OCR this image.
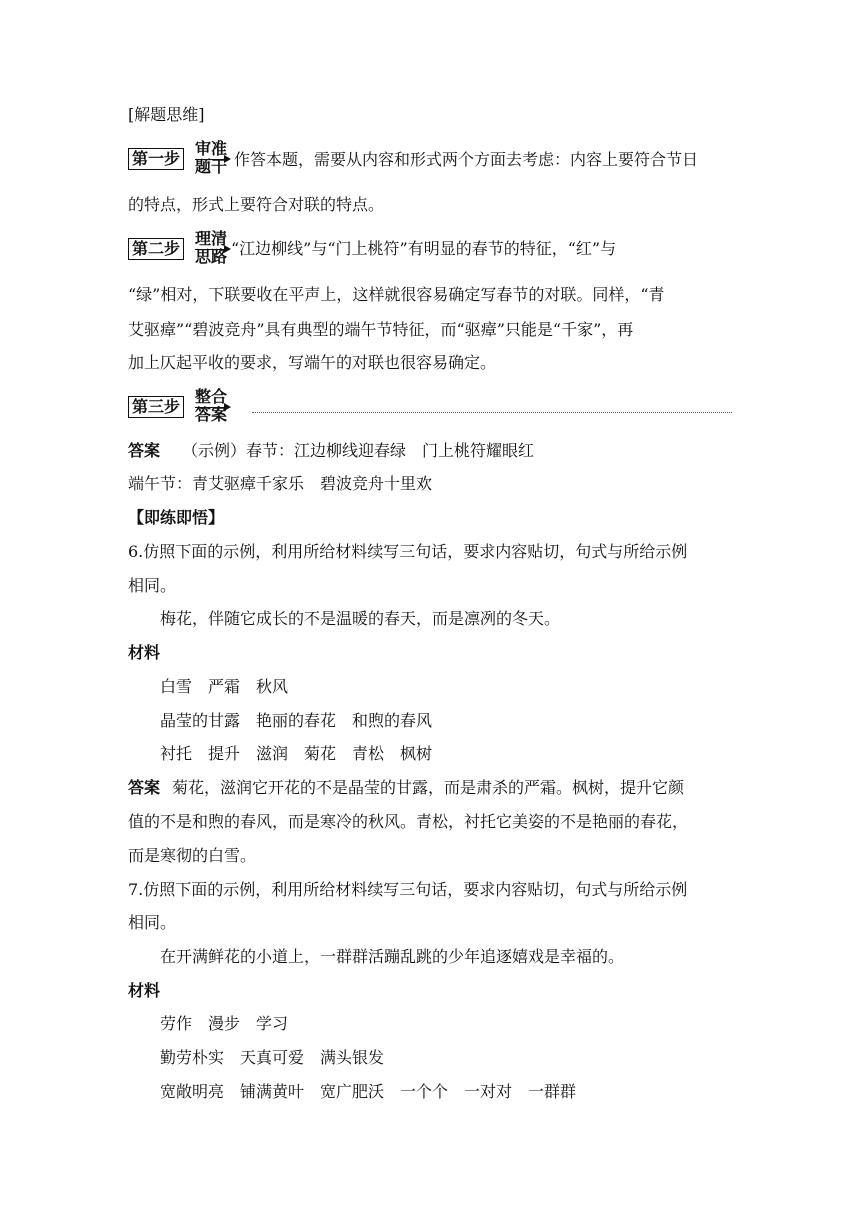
[解题思维]
第一步
审准
题干 作答本题，需要从内容和形式两个方面去考虑：内容上要符合节日
的特点，形式上要符合对联的特点。
第二步
理清
思路 “江边柳线”与“门上桃符”有明显的春节的特征，“红”与
“绿”相对，下联要收在平声上，这样就很容易确定写春节的对联。同样，“青
艾驱瘴”“碧波竞舟”具有典型的端午节特征，而“驱瘴”只能是“千家”，再
加上仄起平收的要求，写端午的对联也很容易确定。
第三步
整合
答案
答案 （示例）春节：江边柳线迎春绿　门上桃符耀眼红
端午节：青艾驱瘴千家乐　碧波竞舟十里欢
【即练即悟】
6.仿照下面的示例，利用所给材料续写三句话，要求内容贴切，句式与所给示例
相同。
梅花，伴随它成长的不是温暖的春天，而是凛冽的冬天。
材料
白雪　严霜　秋风
晶莹的甘露　艳丽的春花　和煦的春风
衬托　提升　滋润　菊花　青松　枫树
答案 菊花，滋润它开花的不是晶莹的甘露，而是肃杀的严霜。枫树，提升它颜
值的不是和煦的春风，而是寒冷的秋风。青松，衬托它美姿的不是艳丽的春花，
而是寒彻的白雪。
7.仿照下面的示例，利用所给材料续写三句话，要求内容贴切，句式与所给示例
相同。
在开满鲜花的小道上，一群群活蹦乱跳的少年追逐嬉戏是幸福的。
材料
劳作　漫步　学习
勤劳朴实　天真可爱　满头银发
宽敞明亮　铺满黄叶　宽广肥沃　一个个　一对对　一群群
